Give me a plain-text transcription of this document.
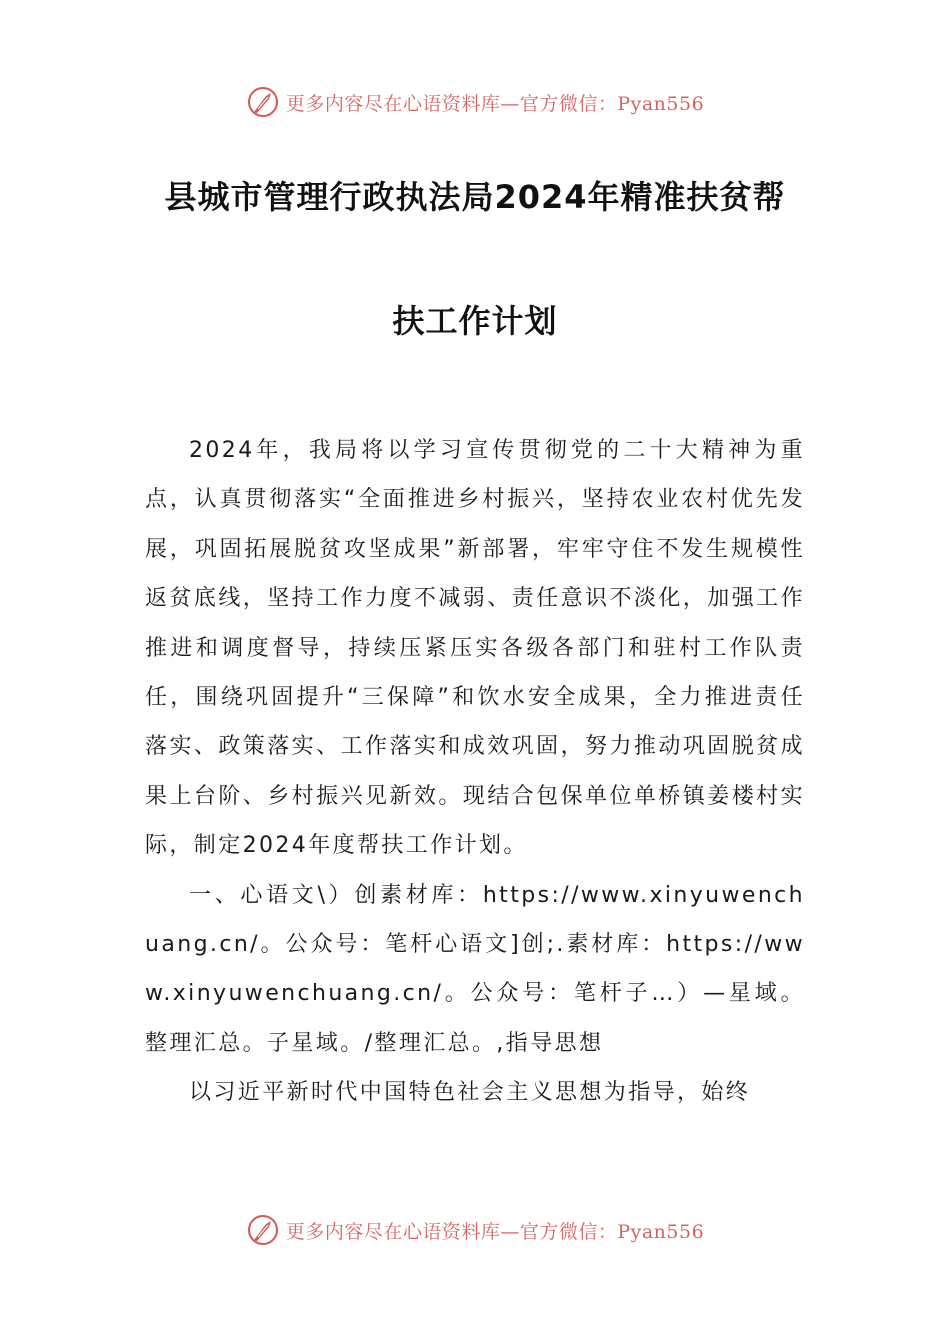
更多内容尽在心语资料库—官方微信：Pyan556
县城市管理行政执法局2024年精准扶贫帮
扶工作计划

2024年，我局将以学习宣传贯彻党的二十大精神为重点，认真贯彻落实“全面推进乡村振兴，坚持农业农村优先发展，巩固拓展脱贫攻坚成果”新部署，牢牢守住不发生规模性返贫底线，坚持工作力度不减弱、责任意识不淡化，加强工作推进和调度督导，持续压紧压实各级各部门和驻村工作队责任，围绕巩固提升“三保障”和饮水安全成果，全力推进责任落实、政策落实、工作落实和成效巩固，努力推动巩固脱贫成果上台阶、乡村振兴见新效。现结合包保单位单桥镇姜楼村实际，制定2024年度帮扶工作计划。

一、心语文\）创素材库：https://www.xinyuwenchuang.cn/。公众号：笔杆心语文]创;.素材库：https://www.xinyuwenchuang.cn/。公众号：笔杆子…）—星域。整理汇总。子星域。/整理汇总。,指导思想

以习近平新时代中国特色社会主义思想为指导，始终

更多内容尽在心语资料库—官方微信：Pyan556
